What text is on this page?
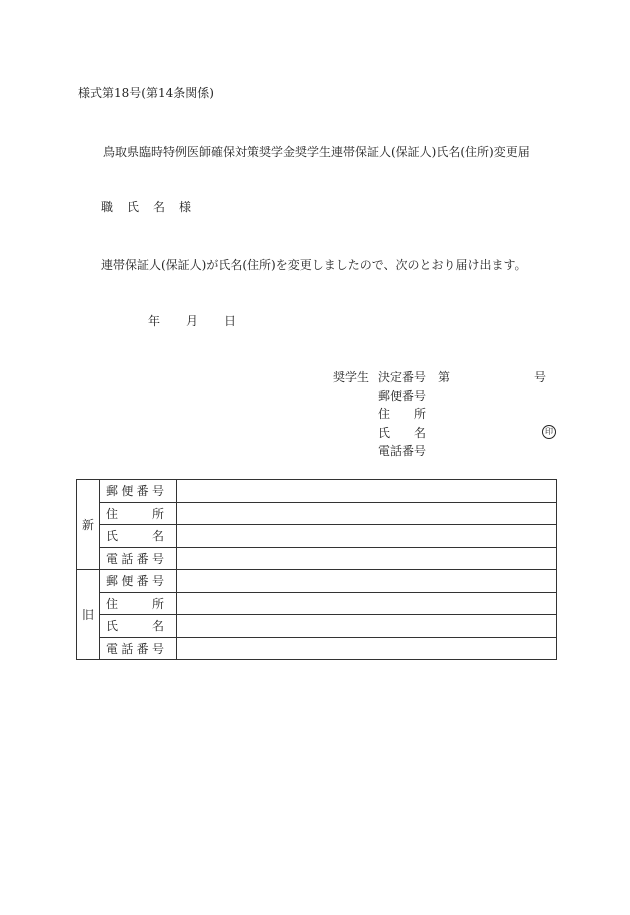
様式第18号(第14条関係)
鳥取県臨時特例医師確保対策奨学金奨学生連帯保証人(保証人)氏名(住所)変更届
職 氏 名 様
連帯保証人(保証人)が氏名(住所)を変更しましたので、次のとおり届け出ます。
年 月 日
奨学生 決定番号 第	号
郵便番号
住　　所
氏　　名	印
電話番号
新	郵 便 番 号	

	住 所	

	氏 名	

	電 話 番 号	

旧	郵 便 番 号	

	住 所	

	氏 名	

	電 話 番 号	
